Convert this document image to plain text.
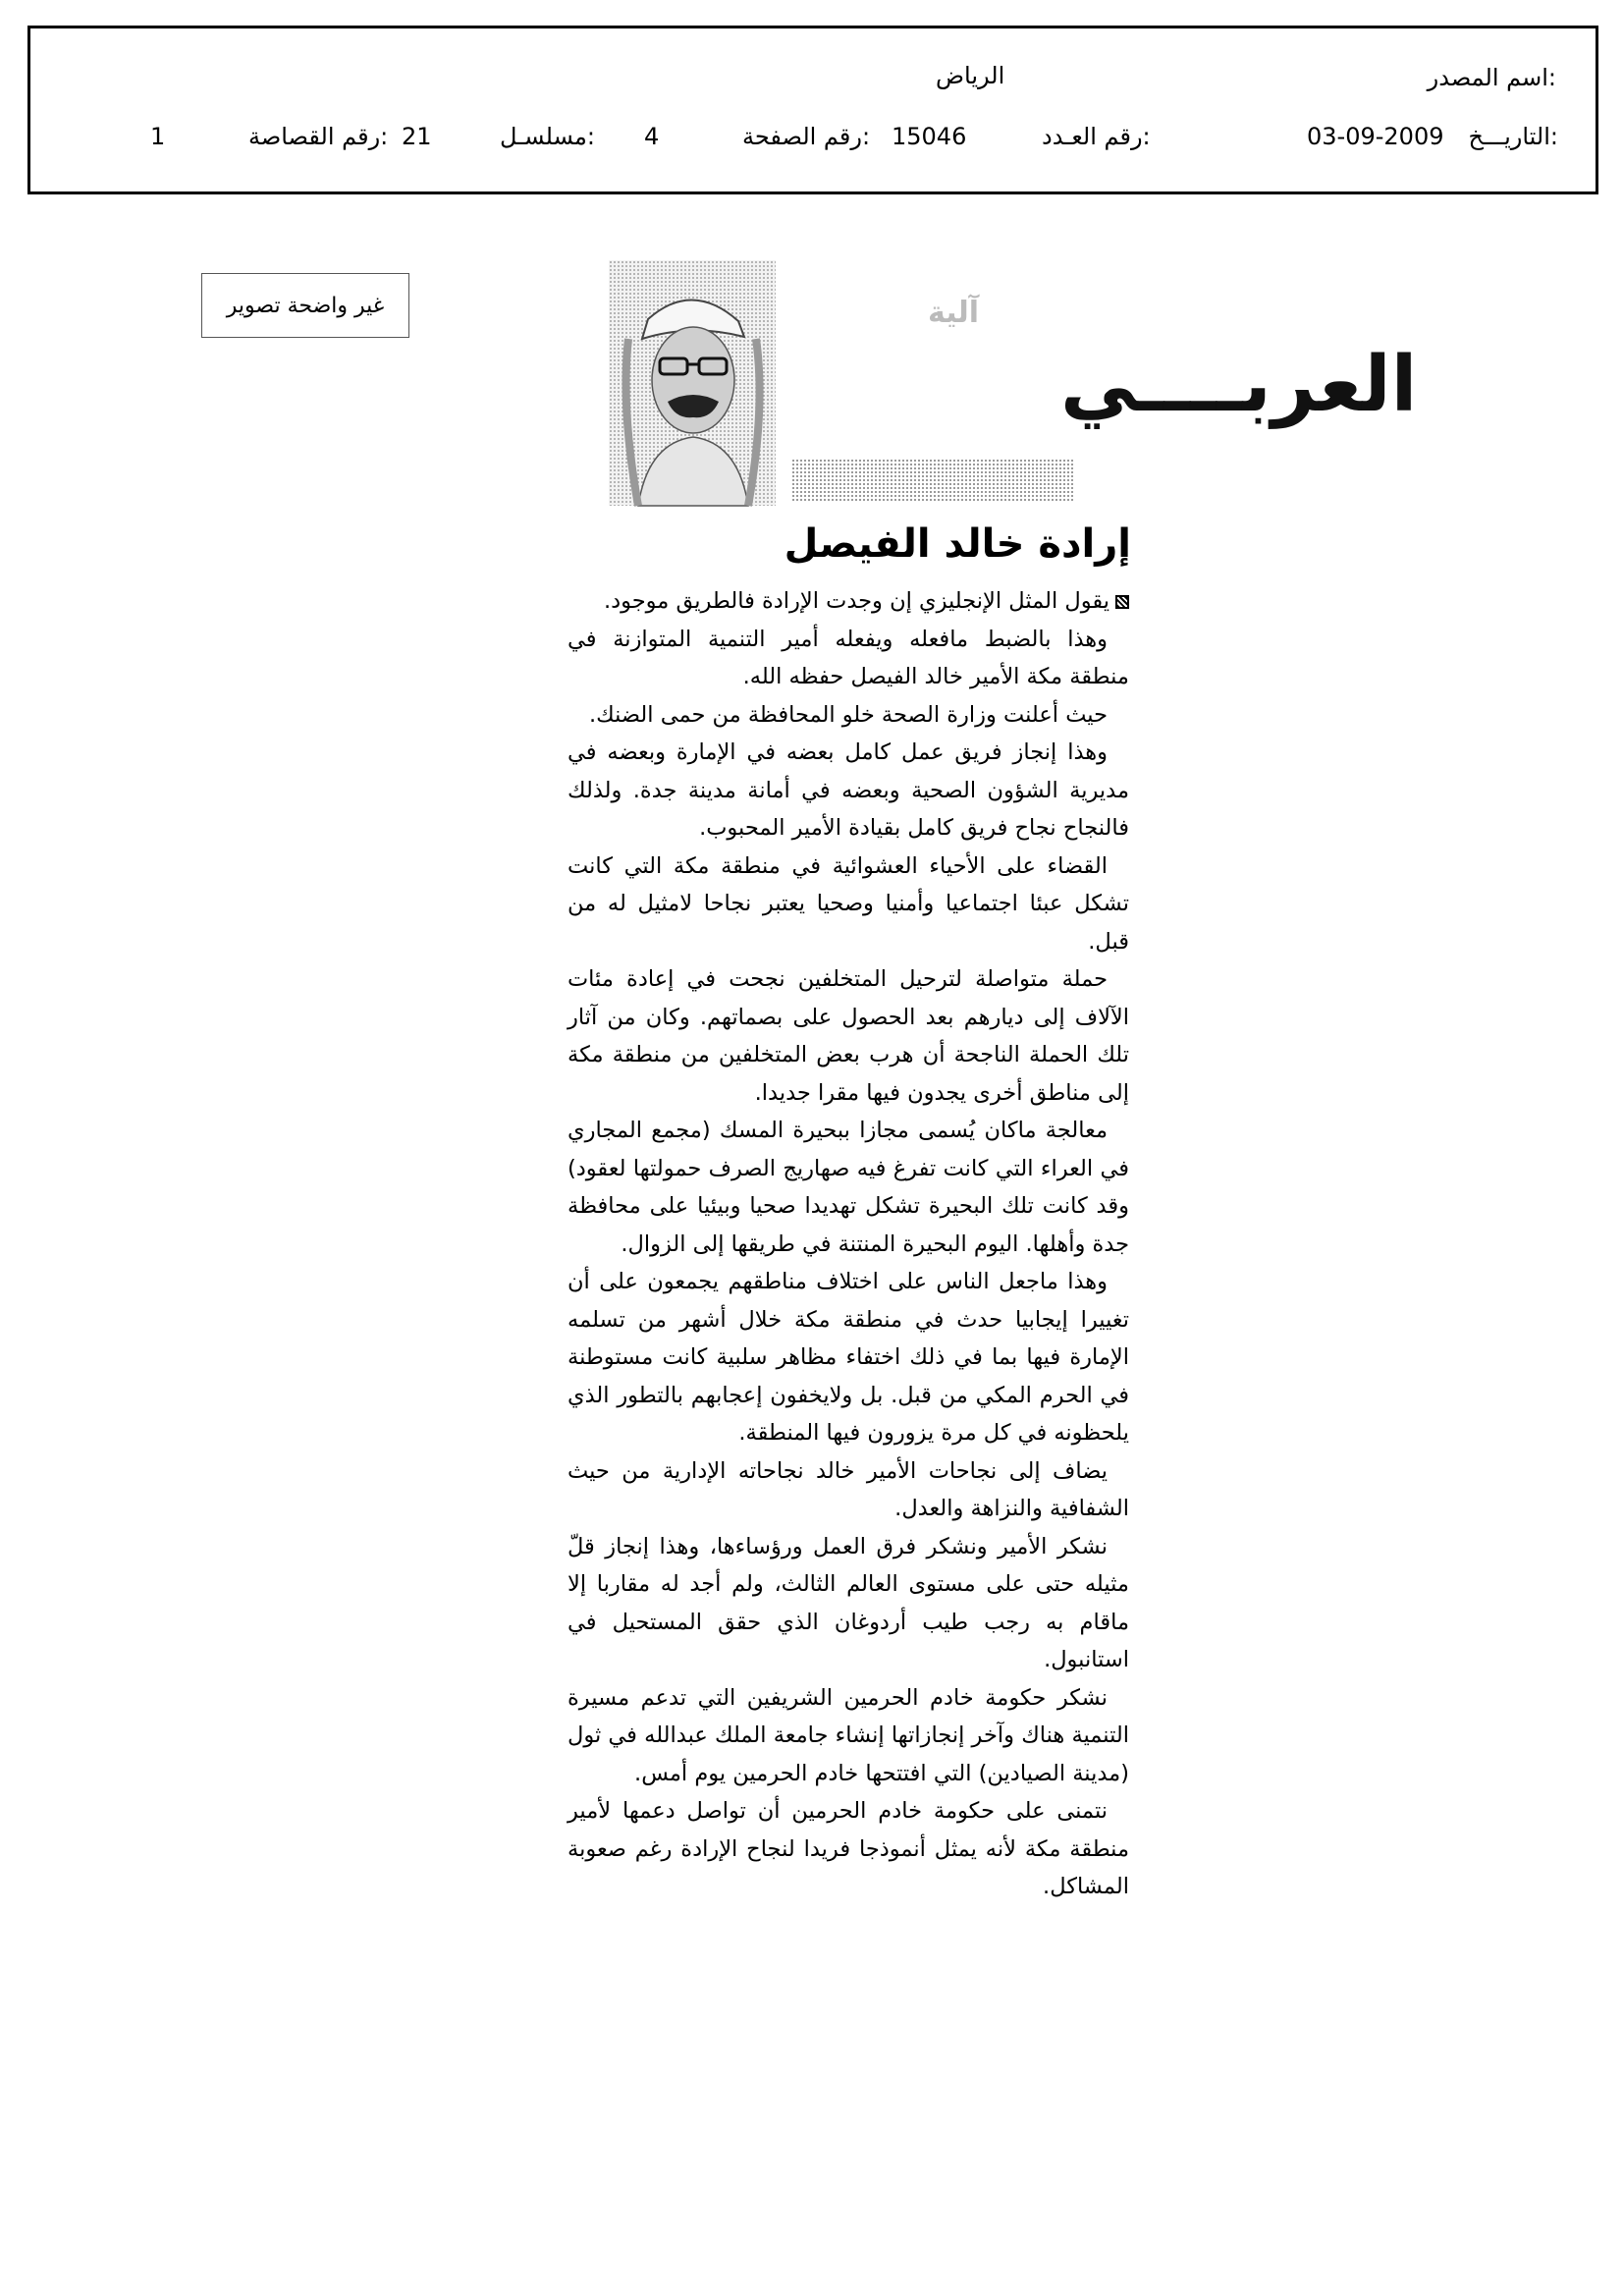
اسم المصدر:
الرياض
التاريـــخ:
03-09-2009
رقم العـدد:
15046
رقم الصفحة:
4
مسلسـل:
21
رقم القصاصة:
1
غير واضحة تصوير	آلية
العربــــي
إرادة خالد الفيصل

يقول المثل الإنجليزي إن وجدت الإرادة فالطريق موجود.

وهذا بالضبط مافعله ويفعله أمير التنمية المتوازنة في منطقة مكة الأمير خالد الفيصل حفظه الله.

حيث أعلنت وزارة الصحة خلو المحافظة من حمى الضنك.

وهذا إنجاز فريق عمل كامل بعضه في الإمارة وبعضه في مديرية الشؤون الصحية وبعضه في أمانة مدينة جدة. ولذلك فالنجاح نجاح فريق كامل بقيادة الأمير المحبوب.

القضاء على الأحياء العشوائية في منطقة مكة التي كانت تشكل عبئا اجتماعيا وأمنيا وصحيا يعتبر نجاحا لامثيل له من قبل.

حملة متواصلة لترحيل المتخلفين نجحت في إعادة مئات الآلاف إلى ديارهم بعد الحصول على بصماتهم. وكان من آثار تلك الحملة الناجحة أن هرب بعض المتخلفين من منطقة مكة إلى مناطق أخرى يجدون فيها مقرا جديدا.

معالجة ماكان يُسمى مجازا ببحيرة المسك (مجمع المجاري في العراء التي كانت تفرغ فيه صهاريج الصرف حمولتها لعقود) وقد كانت تلك البحيرة تشكل تهديدا صحيا وبيئيا على محافظة جدة وأهلها. اليوم البحيرة المنتنة في طريقها إلى الزوال.

وهذا ماجعل الناس على اختلاف مناطقهم يجمعون على أن تغييرا إيجابيا حدث في منطقة مكة خلال أشهر من تسلمه الإمارة فيها بما في ذلك اختفاء مظاهر سلبية كانت مستوطنة في الحرم المكي من قبل. بل ولايخفون إعجابهم بالتطور الذي يلحظونه في كل مرة يزورون فيها المنطقة.

يضاف إلى نجاحات الأمير خالد نجاحاته الإدارية من حيث الشفافية والنزاهة والعدل.

نشكر الأمير ونشكر فرق العمل ورؤساءها، وهذا إنجاز قلّ مثيله حتى على مستوى العالم الثالث، ولم أجد له مقاربا إلا ماقام به رجب طيب أردوغان الذي حقق المستحيل في استانبول.

نشكر حكومة خادم الحرمين الشريفين التي تدعم مسيرة التنمية هناك وآخر إنجازاتها إنشاء جامعة الملك عبدالله في ثول (مدينة الصيادين) التي افتتحها خادم الحرمين يوم أمس.

نتمنى على حكومة خادم الحرمين أن تواصل دعمها لأمير منطقة مكة لأنه يمثل أنموذجا فريدا لنجاح الإرادة رغم صعوبة المشاكل.
